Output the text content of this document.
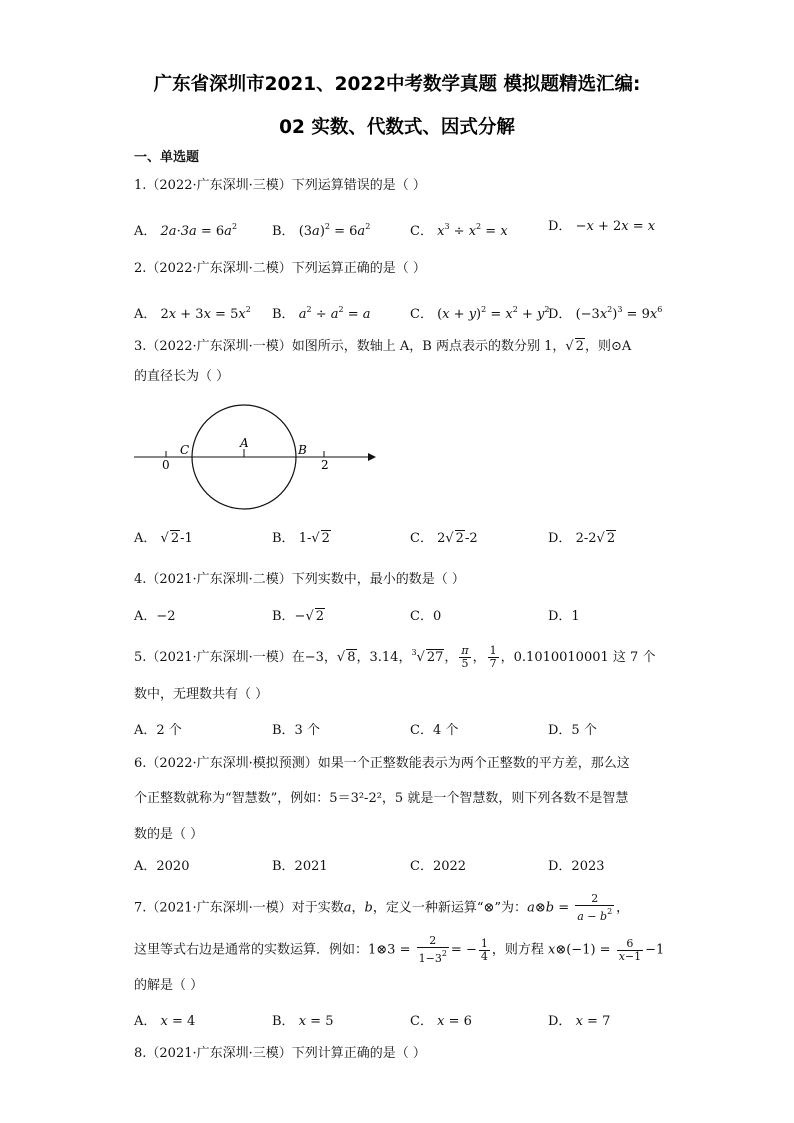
广东省深圳市2021、2022中考数学真题 模拟题精选汇编:
02 实数、代数式、因式分解
一、单选题
1.（2022·广东深圳·三模）下列运算错误的是（ ）
A． $2a\cdot 3a = 6a^2$	B． $(3a)^2 = 6a^2$	C． $x^3 \div x^2 = x$	D． −x + 2x = x
2.（2022·广东深圳·二模）下列运算正确的是（ ）
A． $2x + 3x = 5x^2$ B． $a^2 \div a^2 = a$	C． $(x + y)^2 = x^2 + y^2$
D． $(-3x^2)^3 = 9x^6$
3.（2022·广东深圳·一模）如图所示，数轴上 A，B 两点表示的数分别 1，√ 2，则⊙A
的直径长为（ ）
C	A	B
0	2
A． √ 2-1	B． 1-√ 2	C． 2√ 2-2	D． 2-2√ 2
4.（2021·广东深圳·二模）下列实数中，最小的数是（ ）
A．−2	B．−√ 2	C．0	D．1
5.（2021·广东深圳·一模）在−3，√ 8，3.14，$^3$√ 27， $\frac{\pi}{5}$ ， $\frac{1}{7}$ ，0.1010010001 这 7 个
数中，无理数共有（ ）
A．2 个	B．3 个	C．4 个	D．5 个
6.（2022·广东深圳·模拟预测）如果一个正整数能表示为两个正整数的平方差，那么这
个正整数就称为“智慧数”，例如：5＝3²-2²，5 就是一个智慧数，则下列各数不是智慧
数的是（ ）
A．2020	B．2021	C．2022	D．2023
7.（2021·广东深圳·一模）对于实数a，b，定义一种新运算“⊗”为：a⊗b = $\frac{2}{a - b^2}$ ，
这里等式右边是通常的实数运算．例如：1⊗3 = $\frac{2}{1-3^2}$ = − $\frac{1}{4}$ ，则方程 x⊗(−1) = $\frac{6}{x-1} -1$
的解是（ ）
A． x = 4	B． x = 5	C． x = 6	D． x = 7
8.（2021·广东深圳·三模）下列计算正确的是（ ）
